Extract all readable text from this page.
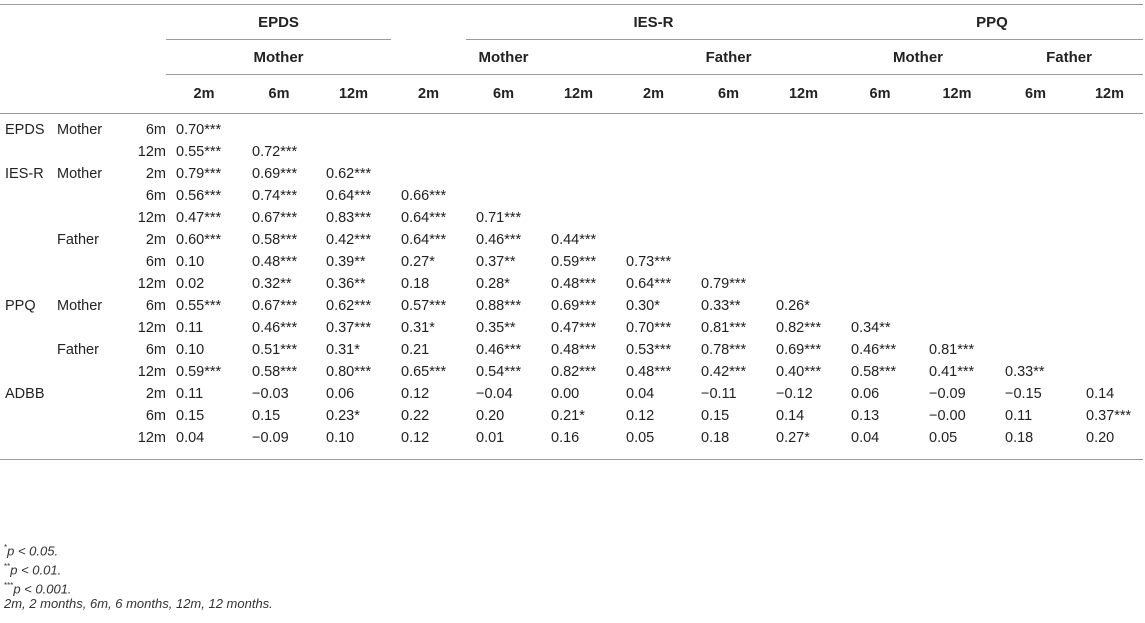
			EPDS				IES-R					PPQ				
			Mother			Mother			Father			Mother		Father		
			2m	6m	12m	2m	6m	12m	2m	6m	12m	6m	12m	6m	12m	
EPDS	Mother	6m	0.70***													
		12m	0.55***	0.72***												
IES-R	Mother	2m	0.79***	0.69***	0.62***											
		6m	0.56***	0.74***	0.64***	0.66***										
		12m	0.47***	0.67***	0.83***	0.64***	0.71***									
	Father	2m	0.60***	0.58***	0.42***	0.64***	0.46***	0.44***								
		6m	0.10	0.48***	0.39**	0.27*	0.37**	0.59***	0.73***							
		12m	0.02	0.32**	0.36**	0.18	0.28*	0.48***	0.64***	0.79***						
PPQ	Mother	6m	0.55***	0.67***	0.62***	0.57***	0.88***	0.69***	0.30*	0.33**	0.26*					
		12m	0.11	0.46***	0.37***	0.31*	0.35**	0.47***	0.70***	0.81***	0.82***	0.34**				
	Father	6m	0.10	0.51***	0.31*	0.21	0.46***	0.48***	0.53***	0.78***	0.69***	0.46***	0.81***			
		12m	0.59***	0.58***	0.80***	0.65***	0.54***	0.82***	0.48***	0.42***	0.40***	0.58***	0.41***	0.33**		
ADBB		2m	0.11	−0.03	0.06	0.12	−0.04	0.00	0.04	−0.11	−0.12	0.06	−0.09	−0.15	0.14	
		6m	0.15	0.15	0.23*	0.22	0.20	0.21*	0.12	0.15	0.14	0.13	−0.00	0.11	0.37***	
		12m	0.04	−0.09	0.10	0.12	0.01	0.16	0.05	0.18	0.27*	0.04	0.05	0.18	0.20	

*p < 0.05.
**p < 0.01.
***p < 0.001.
2m, 2 months, 6m, 6 months, 12m, 12 months.
